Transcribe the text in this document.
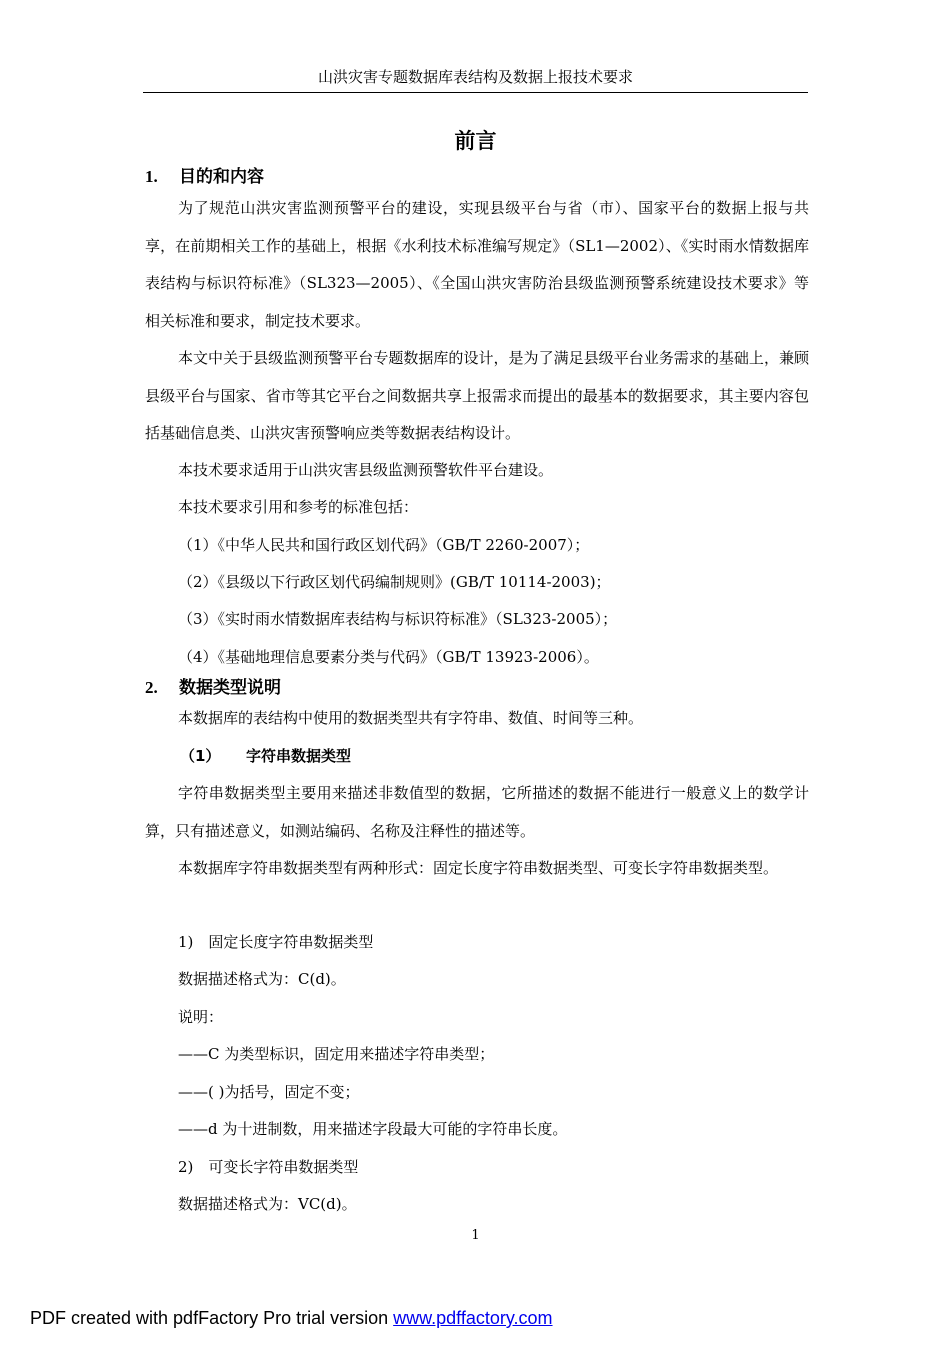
山洪灾害专题数据库表结构及数据上报技术要求
前言
1. 目的和内容
为了规范山洪灾害监测预警平台的建设，实现县级平台与省（市）、国家平台的数据上报与共享，在前期相关工作的基础上，根据《水利技术标准编写规定》（SL1—2002）、《实时雨水情数据库表结构与标识符标准》（SL323—2005）、《全国山洪灾害防治县级监测预警系统建设技术要求》等相关标准和要求，制定技术要求。
本文中关于县级监测预警平台专题数据库的设计，是为了满足县级平台业务需求的基础上，兼顾县级平台与国家、省市等其它平台之间数据共享上报需求而提出的最基本的数据要求，其主要内容包括基础信息类、山洪灾害预警响应类等数据表结构设计。
本技术要求适用于山洪灾害县级监测预警软件平台建设。
本技术要求引用和参考的标准包括：
（1）《中华人民共和国行政区划代码》（GB/T 2260-2007）；
（2）《县级以下行政区划代码编制规则》(GB/T 10114-2003)；
（3）《实时雨水情数据库表结构与标识符标准》（SL323-2005）；
（4）《基础地理信息要素分类与代码》（GB/T 13923-2006）。
2. 数据类型说明
本数据库的表结构中使用的数据类型共有字符串、数值、时间等三种。
（1） 字符串数据类型
字符串数据类型主要用来描述非数值型的数据，它所描述的数据不能进行一般意义上的数学计算，只有描述意义，如测站编码、名称及注释性的描述等。
本数据库字符串数据类型有两种形式：固定长度字符串数据类型、可变长字符串数据类型。
1)　固定长度字符串数据类型
数据描述格式为：C(d)。
说明：
——C 为类型标识，固定用来描述字符串类型；
——( )为括号，固定不变；
——d 为十进制数，用来描述字段最大可能的字符串长度。
2)　可变长字符串数据类型
数据描述格式为：VC(d)。
1
PDF created with pdfFactory Pro trial version www.pdffactory.com
